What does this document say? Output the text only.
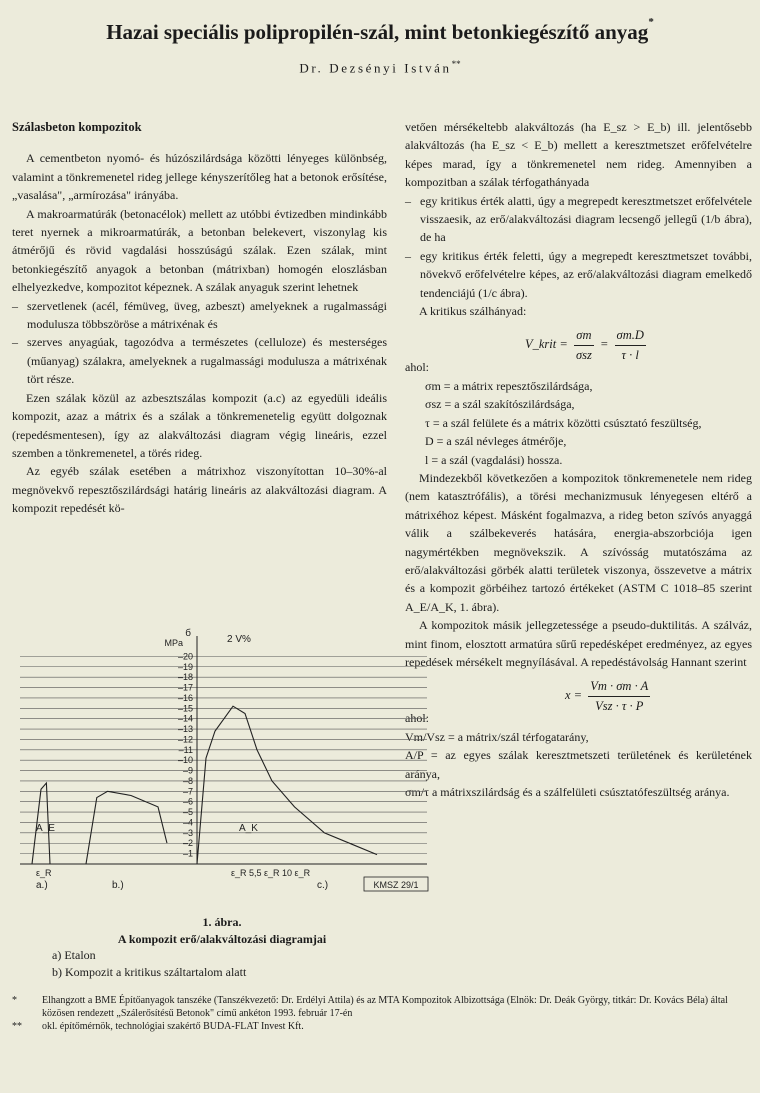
Hazai speciális polipropilén-szál, mint betonkiegészítő anyag*
Dr. Dezsényi István**
Szálasbeton kompozitok

A cementbeton nyomó- és húzószilárdsága közötti lényeges különbség, valamint a tönkremenetel rideg jellege kényszerítőleg hat a betonok erősítése, „vasalása", „armírozása" irányába.

A makroarmatúrák (betonacélok) mellett az utóbbi évtizedben mindinkább teret nyernek a mikroarmatúrák, a betonban belekevert, viszonylag kis átmérőjű és rövid vagdalási hosszúságú szálak. Ezen szálak, mint betonkiegészítő anyagok a betonban (mátrixban) homogén eloszlásban elhelyezkedve, kompozitot képeznek. A szálak anyaguk szerint lehetnek

– szervetlenek (acél, fémüveg, üveg, azbeszt) amelyeknek a rugalmassági modulusza többszöröse a mátrixénak és
– szerves anyagúak, tagozódva a természetes (celluloze) és mesterséges (műanyag) szálakra, amelyeknek a rugalmassági modulusza a mátrixénak tört része.

Ezen szálak közül az azbesztszálas kompozit (a.c) az egyedüli ideális kompozit, azaz a mátrix és a szálak a tönkremenetelig együtt dolgoznak (repedésmentesen), így az alakváltozási diagram végig lineáris, ezzel szemben a tönkremenetel, a törés rideg.

Az egyéb szálak esetében a mátrixhoz viszonyítottan 10–30%-al megnövekvő repesztőszilárdsági határig lineáris az alakváltozási diagram. A kompozit repedését kö-

vetően mérsékeltebb alakváltozás (ha E_sz > E_b) ill. jelentősebb alakváltozás (ha E_sz < E_b) mellett a keresztmetszet erőfelvételre képes marad, így a tönkremenetel nem rideg. Amennyiben a kompozitban a szálak térfogathányada

– egy kritikus érték alatti, úgy a megrepedt keresztmetszet erőfelvétele visszaesik, az erő/alakváltozási diagram lecsengő jellegű (1/b ábra), de ha
– egy kritikus érték feletti, úgy a megrepedt keresztmetszet további, növekvő erőfelvételre képes, az erő/alakváltozási diagram emelkedő tendenciájú (1/c ábra).

A kritikus szálhányad:

V_krit = $\frac{\sigma m}{\text{σsz}} = \frac{\sigma m.D}{\tau \cdot l}$

ahol:

σm = a mátrix repesztőszilárdsága,
σsz = a szál szakítószilárdsága,
τ = a szál felülete és a mátrix közötti csúsztató feszültség,
D = a szál névleges átmérője,
l = a szál (vagdalási) hossza.

Mindezekből következően a kompozitok tönkremenetele nem rideg (nem katasztrófális), a törési mechanizmusuk lényegesen eltérő a mátrixéhoz képest. Másként fogalmazva, a rideg beton szívós anyaggá válik a szálbekeverés hatására, energia-abszorbciója igen nagymértékben megnövekszik. A szívósság mutatószáma az erő/alakváltozási görbék alatti területek viszonya, összevetve a mátrix és a kompozit görbéihez tartozó értékeket (ASTM C 1018–85 szerint A_E/A_K, 1. ábra).

A kompozitok másik jellegzetessége a pseudo-duktilitás. A szálváz, mint finom, elosztott armatúra sűrű repedésképet eredményez, az egyes repedések mérsékelt megnyílásával. A repedéstávolság Hannant szerint

$x = \frac{Vm \cdot \sigma m \cdot A}{\text{Vsz · τ · P}}$

ahol:

Vm/Vsz = a mátrix/szál térfogatarány,

A/P = az egyes szálak keresztmetszeti területének és kerületének aránya,

σm/τ a mátrixszilárdság és a szálfelületi csúsztatófeszültség aránya.

–1
–2
–3
–4
–5
–6
–7
–8
–9
–10
–11
–12
–13
–14
–15
–16
–17
–18
–19
–20
б
MPa	2 V%
A_E	A_K
ε_R	ε_R 5,5 ε_R 10 ε_R
a.)	b.)	c.)	KMSZ 29/1
1. ábra.
A kompozit erő/alakváltozási diagramjai
a) Etalon
b) Kompozit a kritikus száltartalom alatt
*	Elhangzott a BME Építőanyagok tanszéke (Tanszékvezető: Dr. Erdélyi Attila) és az MTA Kompozitok Albizottsága (Elnök: Dr. Deák György, titkár: Dr. Kovács Béla) által közösen rendezett „Szálerősítésű Betonok" című ankéton 1993. február 17-én
**	okl. építőmérnök, technológiai szakértő BUDA-FLAT Invest Kft.
